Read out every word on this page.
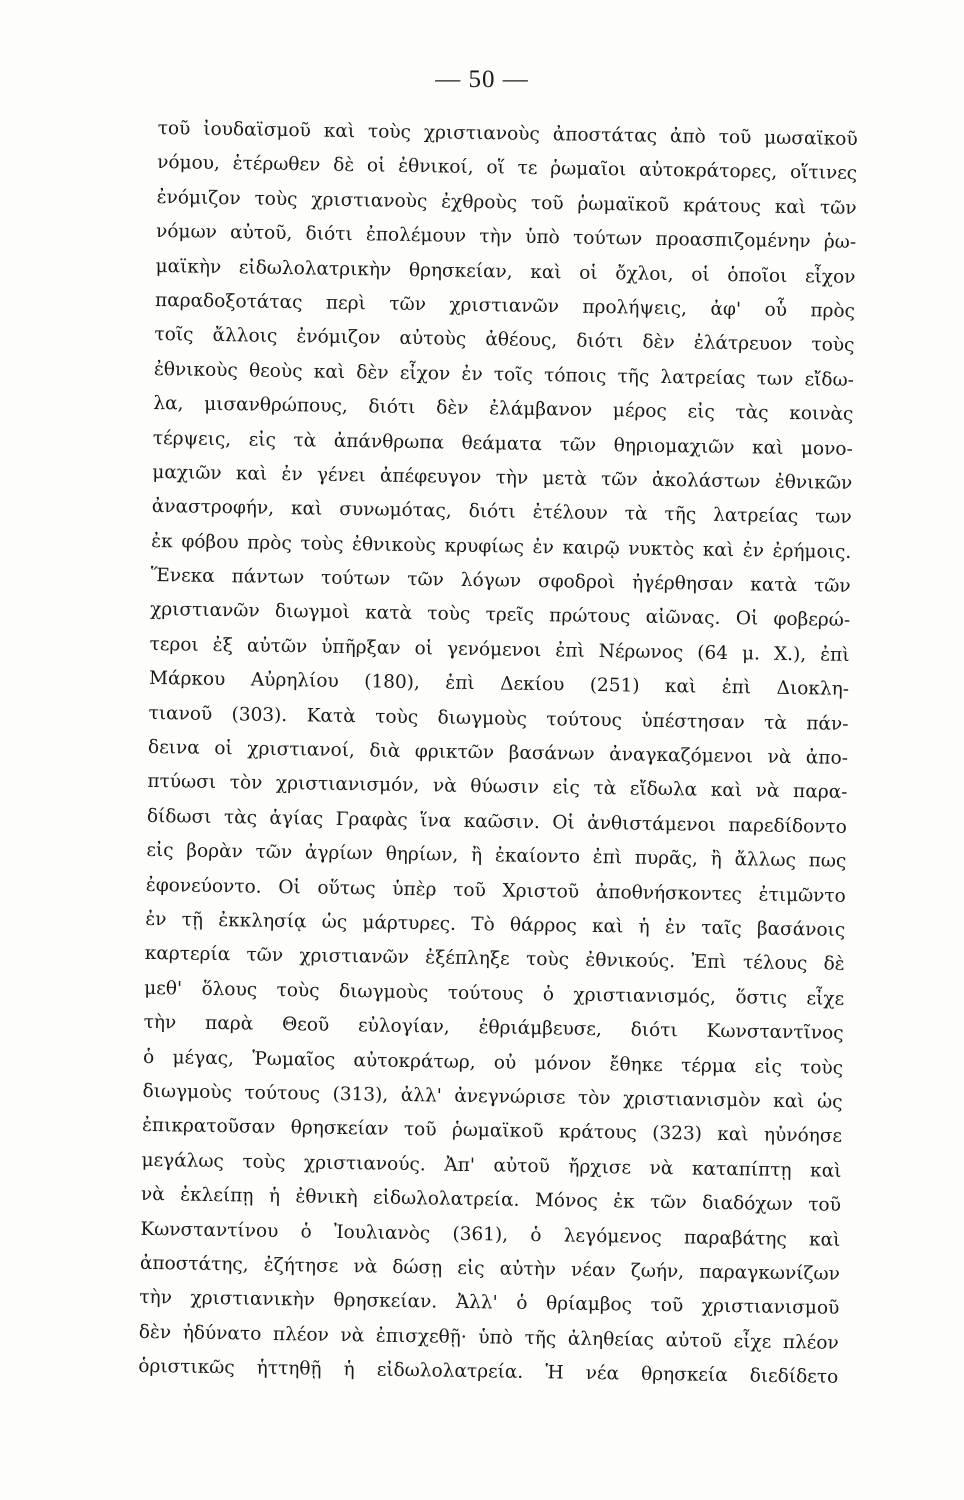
— 50 —
τοῦ ἰουδαϊσμοῦ καὶ τοὺς χριστιανοὺς ἀποστάτας ἀπὸ τοῦ μωσαϊκοῦ
νόμου, ἑτέρωθεν δὲ οἱ ἐθνικοί, οἵ τε ῥωμαῖοι αὐτοκράτορες, οἵτινες
ἐνόμιζον τοὺς χριστιανοὺς ἐχθροὺς τοῦ ῥωμαϊκοῦ κράτους καὶ τῶν
νόμων αὐτοῦ, διότι ἐπολέμουν τὴν ὑπὸ τούτων προασπιζομένην ῥω-
μαϊκὴν εἰδωλολατρικὴν θρησκείαν, καὶ οἱ ὄχλοι, οἱ ὁποῖοι εἶχον
παραδοξοτάτας περὶ τῶν χριστιανῶν προλήψεις, ἀφ' οὗ πρὸς
τοῖς ἄλλοις ἐνόμιζον αὐτοὺς ἀθέους, διότι δὲν ἐλάτρευον τοὺς
ἐθνικοὺς θεοὺς καὶ δὲν εἶχον ἐν τοῖς τόποις τῆς λατρείας των εἴδω-
λα, μισανθρώπους, διότι δὲν ἐλάμβανον μέρος εἰς τὰς κοινὰς
τέρψεις, εἰς τὰ ἀπάνθρωπα θεάματα τῶν θηριομαχιῶν καὶ μονο-
μαχιῶν καὶ ἐν γένει ἀπέφευγον τὴν μετὰ τῶν ἀκολάστων ἐθνικῶν
ἀναστροφήν, καὶ συνωμότας, διότι ἐτέλουν τὰ τῆς λατρείας των
ἐκ φόβου πρὸς τοὺς ἐθνικοὺς κρυφίως ἐν καιρῷ νυκτὸς καὶ ἐν ἐρήμοις.
Ἕνεκα πάντων τούτων τῶν λόγων σφοδροὶ ἠγέρθησαν κατὰ τῶν
χριστιανῶν διωγμοὶ κατὰ τοὺς τρεῖς πρώτους αἰῶνας. Οἱ φοβερώ-
τεροι ἐξ αὐτῶν ὑπῆρξαν οἱ γενόμενοι ἐπὶ Νέρωνος (64 μ. Χ.), ἐπὶ
Μάρκου Αὐρηλίου (180), ἐπὶ Δεκίου (251) καὶ ἐπὶ Διοκλη-
τιανοῦ (303). Κατὰ τοὺς διωγμοὺς τούτους ὑπέστησαν τὰ πάν-
δεινα οἱ χριστιανοί, διὰ φρικτῶν βασάνων ἀναγκαζόμενοι νὰ ἀπο-
πτύωσι τὸν χριστιανισμόν, νὰ θύωσιν εἰς τὰ εἴδωλα καὶ νὰ παρα-
δίδωσι τὰς ἁγίας Γραφὰς ἵνα καῶσιν. Οἱ ἀνθιστάμενοι παρεδίδοντο
εἰς βορὰν τῶν ἀγρίων θηρίων, ἢ ἐκαίοντο ἐπὶ πυρᾶς, ἢ ἄλλως πως
ἐφονεύοντο. Οἱ οὕτως ὑπὲρ τοῦ Χριστοῦ ἀποθνήσκοντες ἐτιμῶντο
ἐν τῇ ἐκκλησίᾳ ὡς μάρτυρες. Τὸ θάρρος καὶ ἡ ἐν ταῖς βασάνοις
καρτερία τῶν χριστιανῶν ἐξέπληξε τοὺς ἐθνικούς. Ἐπὶ τέλους δὲ
μεθ' ὅλους τοὺς διωγμοὺς τούτους ὁ χριστιανισμός, ὅστις εἶχε
τὴν παρὰ Θεοῦ εὐλογίαν, ἐθριάμβευσε, διότι Κωνσταντῖνος
ὁ μέγας, Ῥωμαῖος αὐτοκράτωρ, οὐ μόνον ἔθηκε τέρμα εἰς τοὺς
διωγμοὺς τούτους (313), ἀλλ' ἀνεγνώρισε τὸν χριστιανισμὸν καὶ ὡς
ἐπικρατοῦσαν θρησκείαν τοῦ ῥωμαϊκοῦ κράτους (323) καὶ ηὐνόησε
μεγάλως τοὺς χριστιανούς. Ἀπ' αὐτοῦ ἤρχισε νὰ καταπίπτῃ καὶ
νὰ ἐκλείπῃ ἡ ἐθνικὴ εἰδωλολατρεία. Μόνος ἐκ τῶν διαδόχων τοῦ
Κωνσταντίνου ὁ Ἰουλιανὸς (361), ὁ λεγόμενος παραβάτης καὶ
ἀποστάτης, ἐζήτησε νὰ δώσῃ εἰς αὐτὴν νέαν ζωήν, παραγκωνίζων
τὴν χριστιανικὴν θρησκείαν. Ἀλλ' ὁ θρίαμβος τοῦ χριστιανισμοῦ
δὲν ἠδύνατο πλέον νὰ ἐπισχεθῇ· ὑπὸ τῆς ἀληθείας αὐτοῦ εἶχε πλέον
ὁριστικῶς ἡττηθῇ ἡ εἰδωλολατρεία. Ἡ νέα θρησκεία διεδίδετο
